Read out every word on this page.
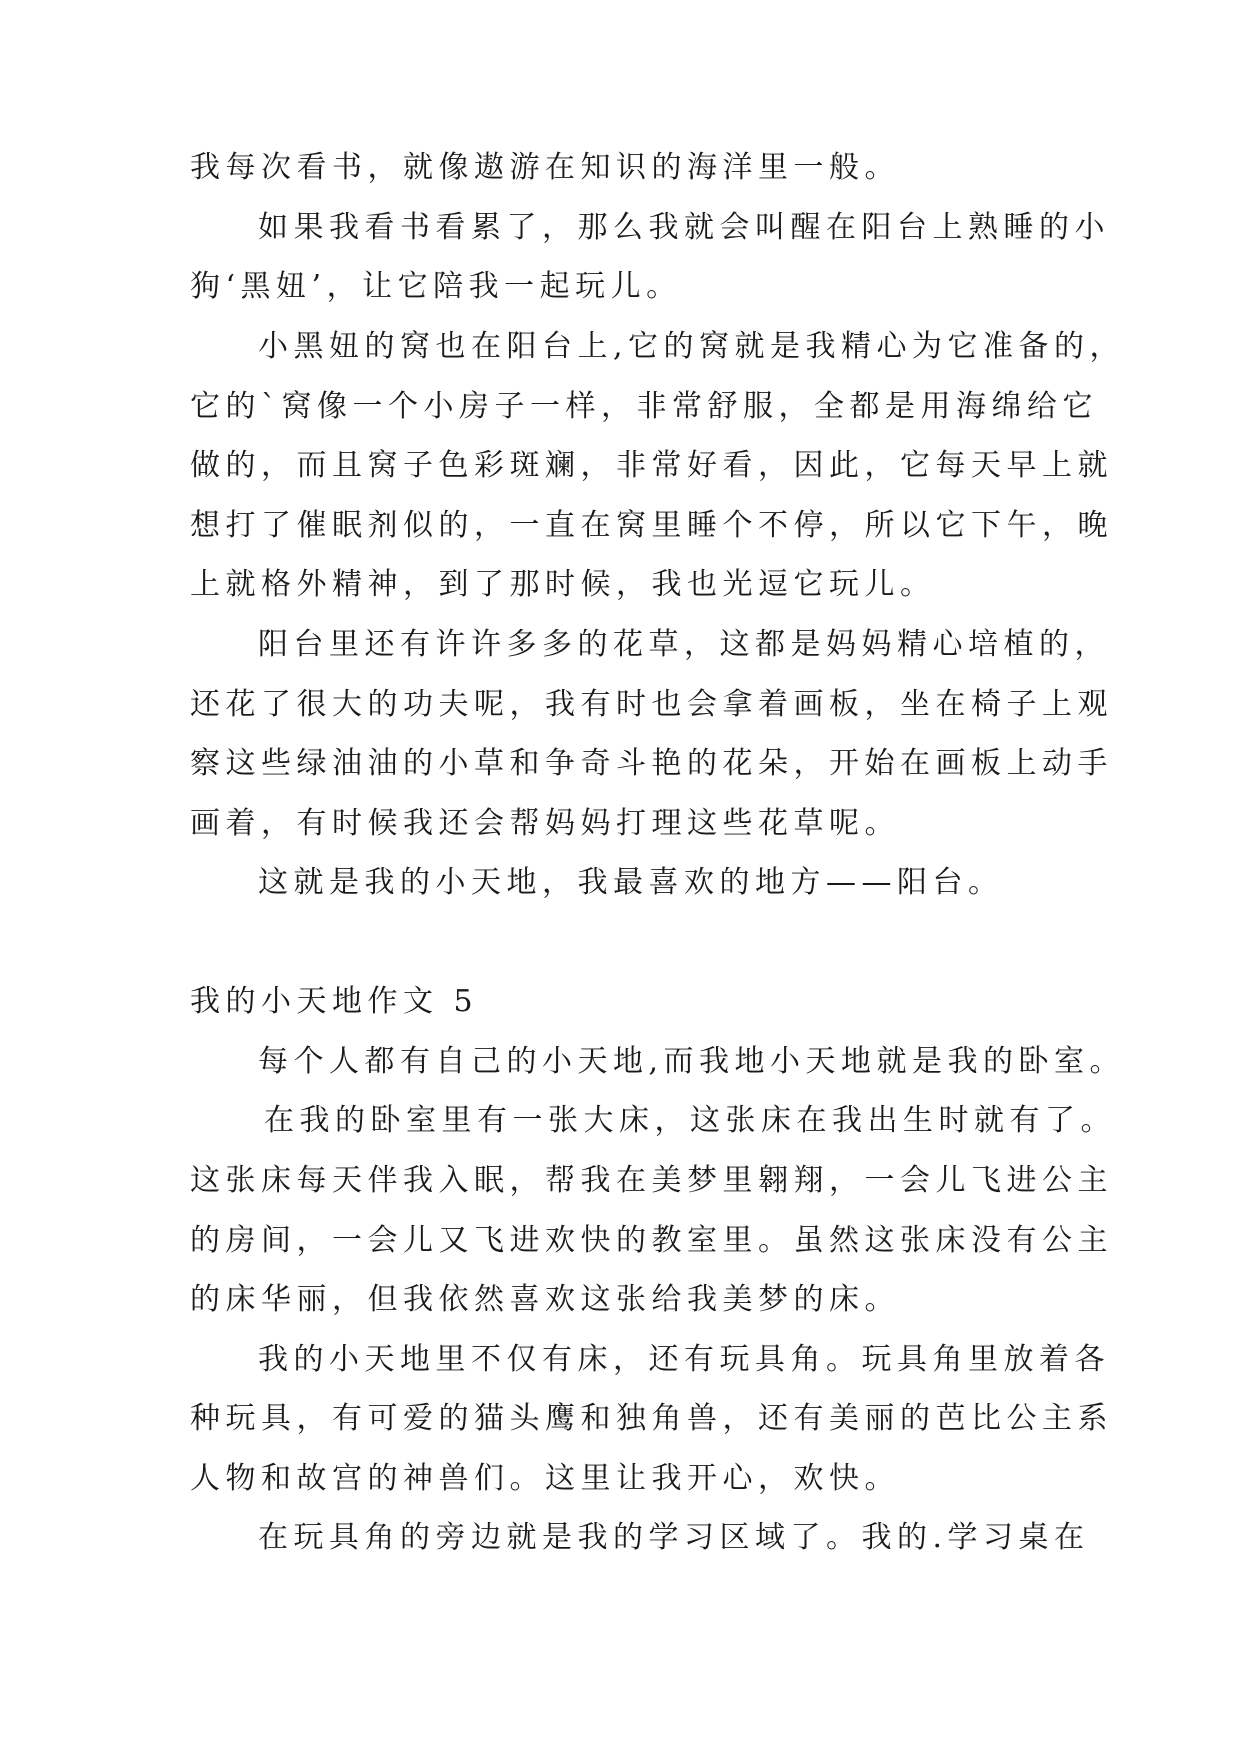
我每次看书，就像遨游在知识的海洋里一般。
如果我看书看累了，那么我就会叫醒在阳台上熟睡的小
狗‘黑妞’，让它陪我一起玩儿。
小黑妞的窝也在阳台上,它的窝就是我精心为它准备的，
它的`窝像一个小房子一样，非常舒服，全都是用海绵给它
做的，而且窝子色彩斑斓，非常好看，因此，它每天早上就
想打了催眠剂似的，一直在窝里睡个不停，所以它下午，晚
上就格外精神，到了那时候，我也光逗它玩儿。
阳台里还有许许多多的花草，这都是妈妈精心培植的，
还花了很大的功夫呢，我有时也会拿着画板，坐在椅子上观
察这些绿油油的小草和争奇斗艳的花朵，开始在画板上动手
画着，有时候我还会帮妈妈打理这些花草呢。
这就是我的小天地，我最喜欢的地方——阳台。
我的小天地作文 5
每个人都有自己的小天地,而我地小天地就是我的卧室。
在我的卧室里有一张大床，这张床在我出生时就有了。
这张床每天伴我入眠，帮我在美梦里翱翔，一会儿飞进公主
的房间，一会儿又飞进欢快的教室里。虽然这张床没有公主
的床华丽，但我依然喜欢这张给我美梦的床。
我的小天地里不仅有床，还有玩具角。玩具角里放着各
种玩具，有可爱的猫头鹰和独角兽，还有美丽的芭比公主系
人物和故宫的神兽们。这里让我开心，欢快。
在玩具角的旁边就是我的学习区域了。我的.学习桌在
